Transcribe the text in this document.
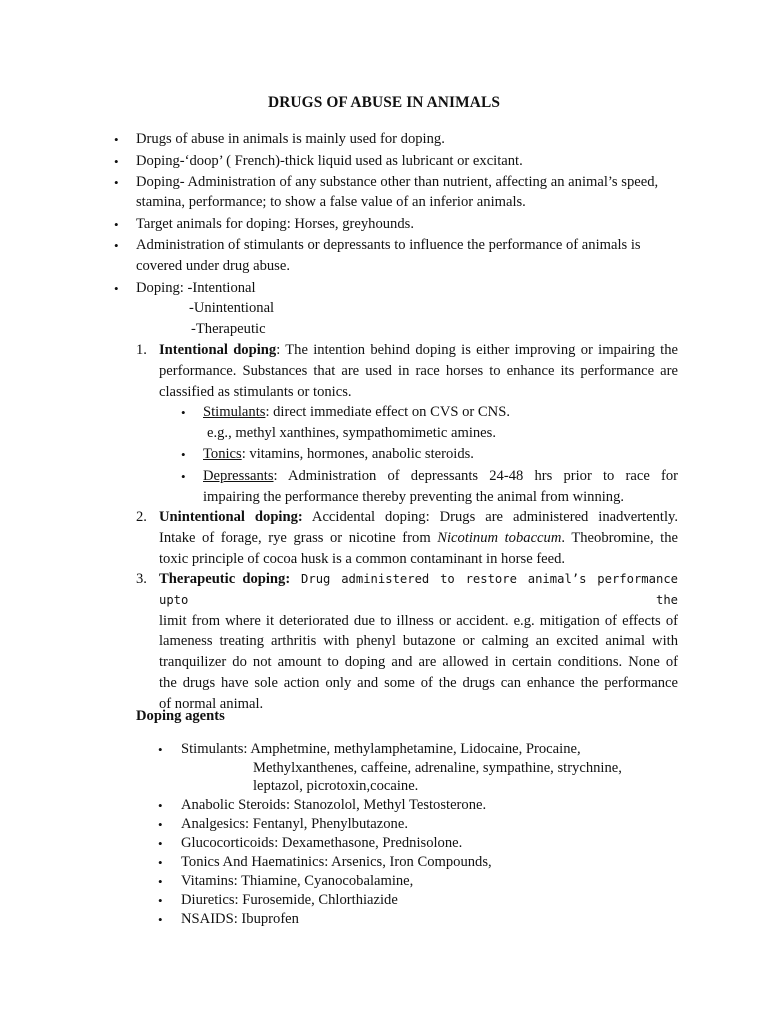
DRUGS OF ABUSE IN ANIMALS
• Drugs of abuse in animals is mainly used for doping.
• Doping-‘doop’ ( French)-thick liquid used as lubricant or excitant.
• Doping- Administration of any substance other than nutrient, affecting an animal’s speed,
stamina, performance; to show a false value of an inferior animals.
• Target animals for doping: Horses, greyhounds.
• Administration of stimulants or depressants to influence the performance of animals is
covered under drug abuse.
• Doping: -Intentional
-Unintentional
-Therapeutic
1. Intentional doping: The intention behind doping is either improving or impairing the
performance. Substances that are used in race horses to enhance its performance are
classified as stimulants or tonics.
• Stimulants: direct immediate effect on CVS or CNS.
e.g., methyl xanthines, sympathomimetic amines.
• Tonics: vitamins, hormones, anabolic steroids.
• Depressants: Administration of depressants 24-48 hrs prior to race for
impairing the performance thereby preventing the animal from winning.
2. Unintentional doping: Accidental doping: Drugs are administered inadvertently.
Intake of forage, rye grass or nicotine from Nicotinum tobaccum. Theobromine, the
toxic principle of cocoa husk is a common contaminant in horse feed.
3. Therapeutic doping: Drug administered to restore animal’s performance upto the
limit from where it deteriorated due to illness or accident. e.g. mitigation of effects of
lameness treating arthritis with phenyl butazone or calming an excited animal with
tranquilizer do not amount to doping and are allowed in certain conditions. None of
the drugs have sole action only and some of the drugs can enhance the performance
of normal animal.
Doping agents
• Stimulants: Amphetmine, methylamphetamine, Lidocaine, Procaine,
Methylxanthenes, caffeine, adrenaline, sympathine, strychnine,
leptazol, picrotoxin,cocaine.
• Anabolic Steroids: Stanozolol, Methyl Testosterone.
• Analgesics: Fentanyl, Phenylbutazone.
• Glucocorticoids: Dexamethasone, Prednisolone.
• Tonics And Haematinics: Arsenics, Iron Compounds,
• Vitamins: Thiamine, Cyanocobalamine,
• Diuretics: Furosemide, Chlorthiazide
• NSAIDS: Ibuprofen
